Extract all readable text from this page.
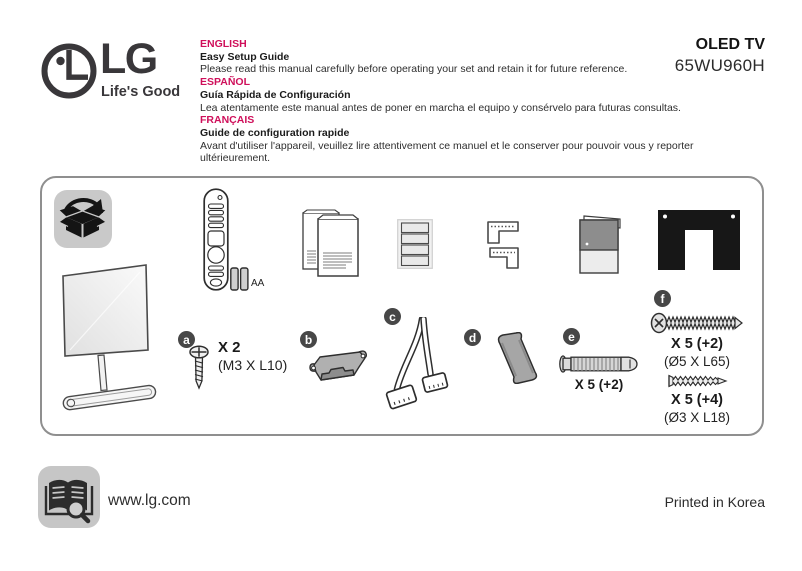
LG
Life's Good
ENGLISH
Easy Setup Guide
Please read this manual carefully before operating your set and retain it for future reference.
ESPAÑOL
Guía Rápida de Configuración
Lea atentamente este manual antes de poner en marcha el equipo y consérvelo para futuras consultas.
FRANÇAIS
Guide de configuration rapide
Avant d'utiliser l'appareil, veuillez lire attentivement ce manuel et le conserver pour pouvoir vous y reporter ultérieurement.
OLED TV
65WU960H
AA
a X 2
(M3 X L10)
b
c
d	e
X 5 (+2)
f
X 5 (+2)
(Ø5 X L65)
X 5 (+4)
(Ø3 X L18)
www.lg.com	Printed in Korea
